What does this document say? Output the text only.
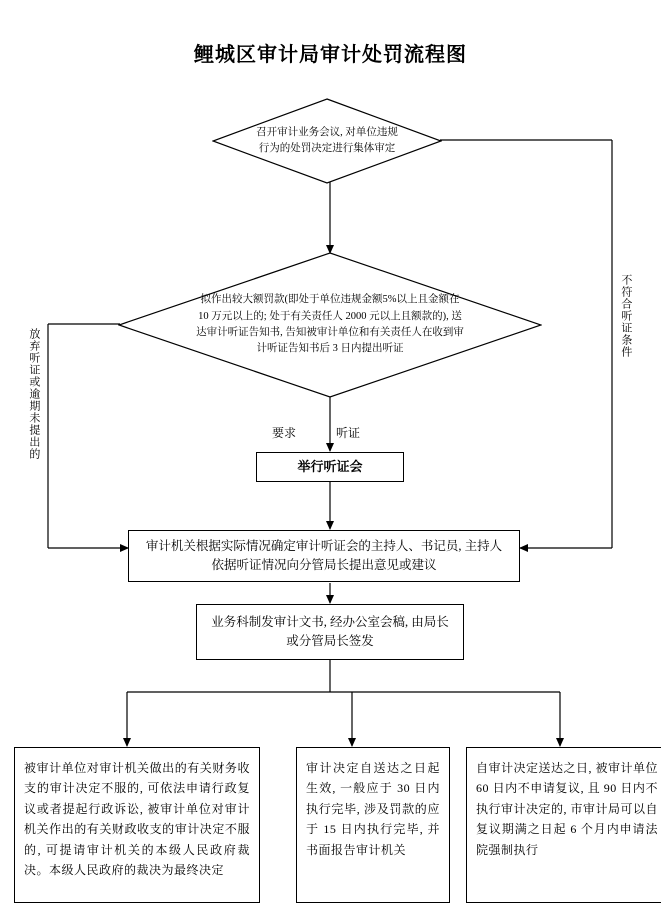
鲤城区审计局审计处罚流程图
召开审计业务会议, 对单位违规行为的处罚决定进行集体审定
拟作出较大额罚款(即处于单位违规金额5%以上且金额在 10 万元以上的; 处于有关责任人 2000 元以上且额款的), 送达审计听证告知书, 告知被审计单位和有关责任人在收到审计听证告知书后 3 日内提出听证
举行听证会
审计机关根据实际情况确定审计听证会的主持人、书记员, 主持人依据听证情况向分管局长提出意见或建议
业务科制发审计文书, 经办公室会稿, 由局长或分管局长签发
被审计单位对审计机关做出的有关财务收支的审计决定不服的, 可依法申请行政复议或者提起行政诉讼, 被审计单位对审计机关作出的有关财政收支的审计决定不服的, 可提请审计机关的本级人民政府裁决。本级人民政府的裁决为最终决定
审计决定自送达之日起生效, 一般应于 30 日内执行完毕, 涉及罚款的应于 15 日内执行完毕, 并书面报告审计机关
自审计决定送达之日, 被审计单位 60 日内不申请复议, 且 90 日内不执行审计决定的, 市审计局可以自复议期满之日起 6 个月内申请法院强制执行
要求	听证
不符合听证条件
放弃听证或逾期未提出的
